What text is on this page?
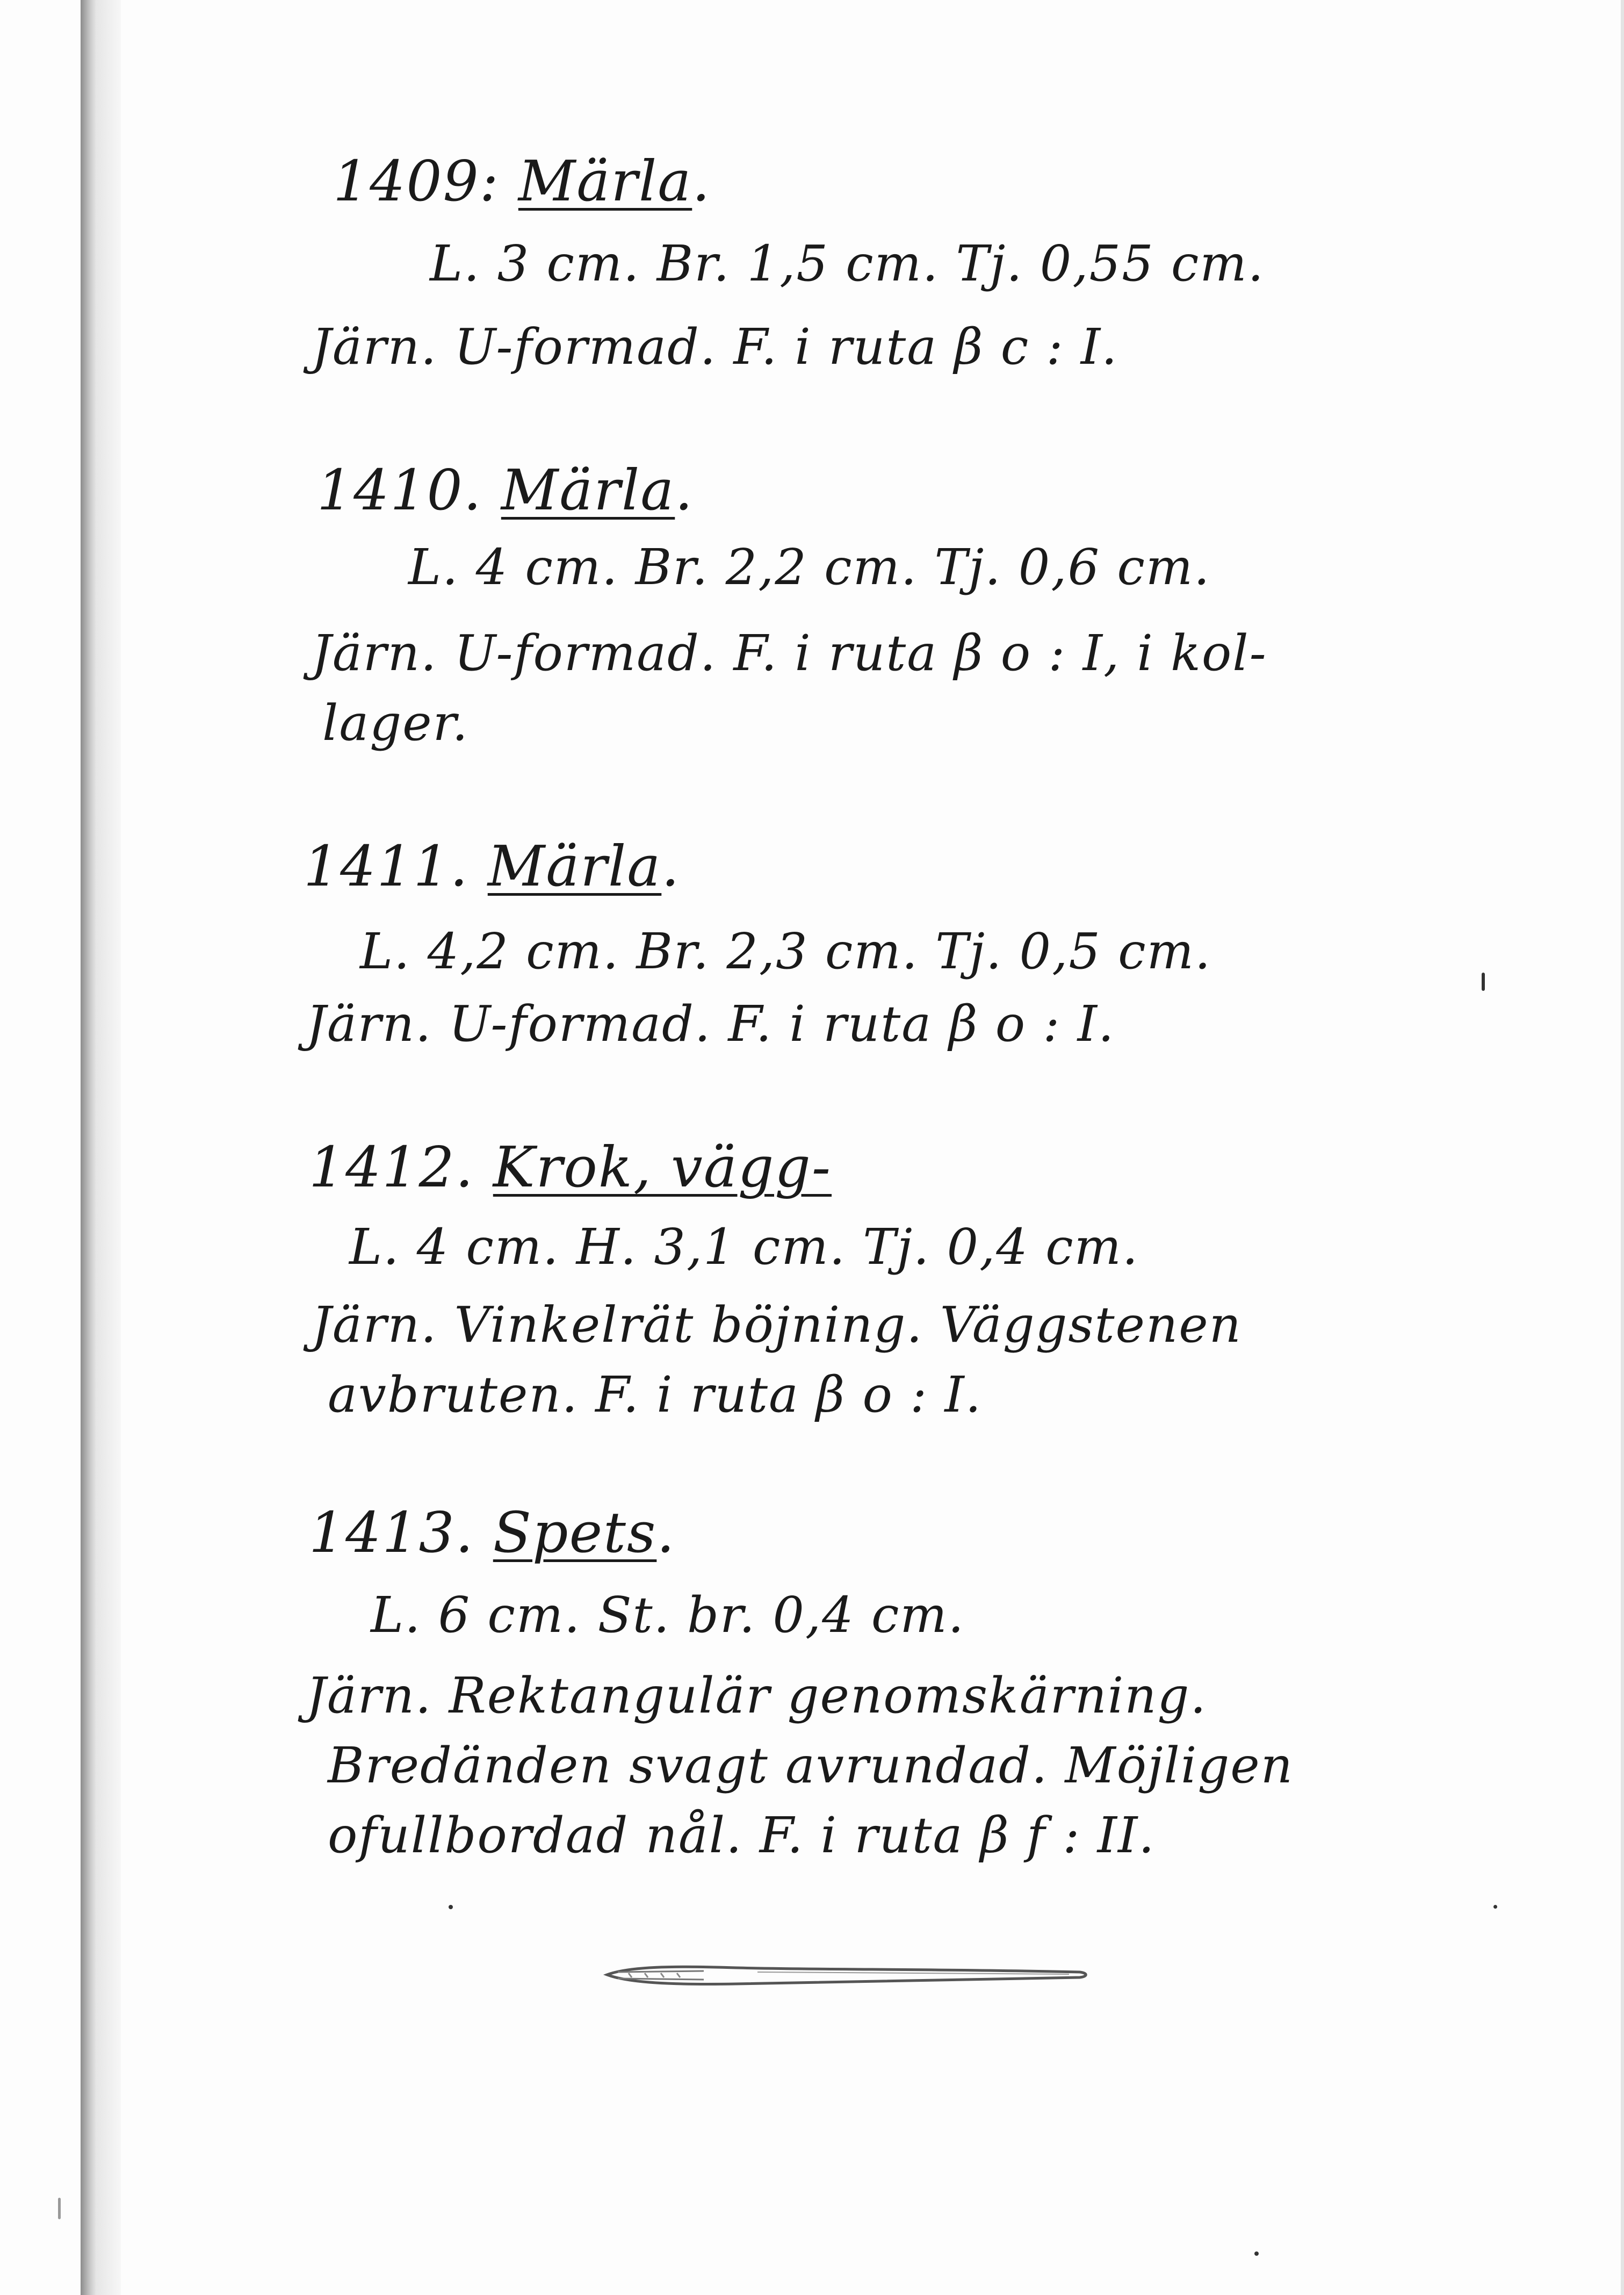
1409: Märla.

L. 3 cm. Br. 1,5 cm. Tj. 0,55 cm.

Järn. U-formad. F. i ruta β c : I.

1410. Märla.

L. 4 cm. Br. 2,2 cm. Tj. 0,6 cm.

Järn. U-formad. F. i ruta β o : I, i kol-

lager.

1411. Märla.

L. 4,2 cm. Br. 2,3 cm. Tj. 0,5 cm.

Järn. U-formad. F. i ruta β o : I.

1412. Krok, vägg-

L. 4 cm. H. 3,1 cm. Tj. 0,4 cm.

Järn. Vinkelrät böjning. Väggstenen

avbruten. F. i ruta β o : I.

1413. Spets.

L. 6 cm. St. br. 0,4 cm.

Järn. Rektangulär genomskärning.

Bredänden svagt avrundad. Möjligen

ofullbordad nål. F. i ruta β f : II.
